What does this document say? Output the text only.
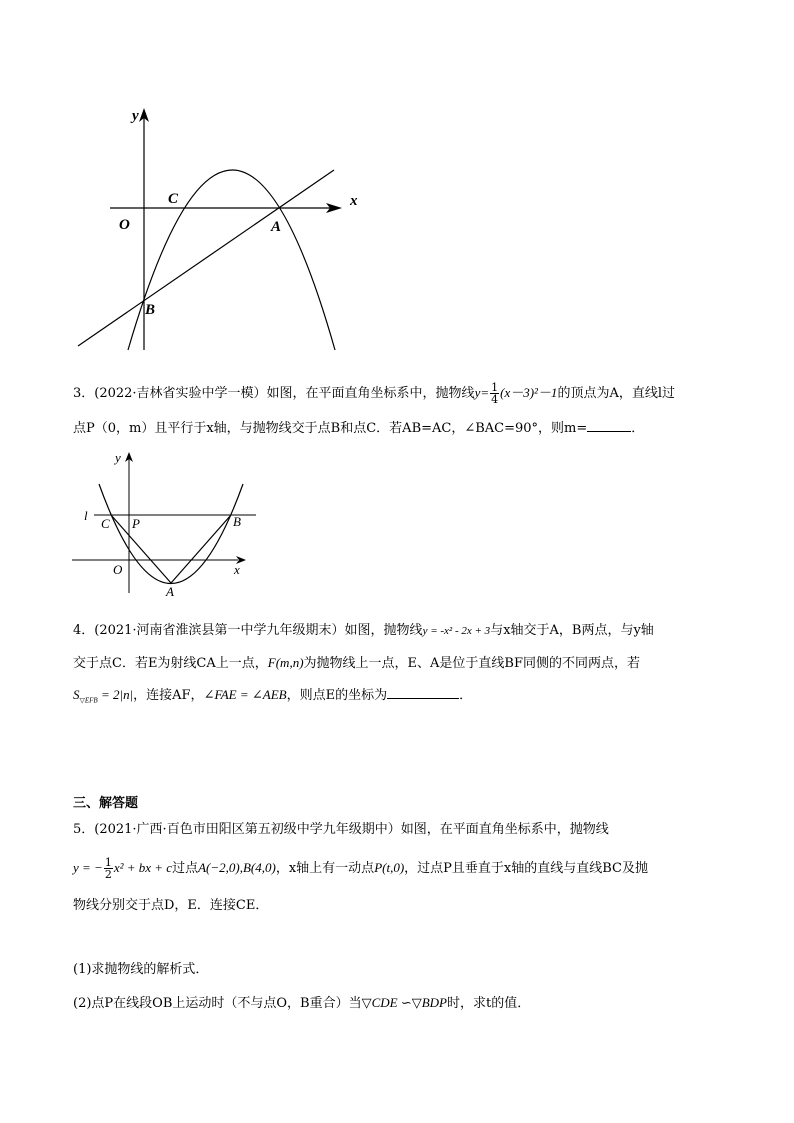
y
x
O
C
A
B
3．(2022·吉林省实验中学一模）如图，在平面直角坐标系中，抛物线$y= \frac{1}{4} (x-3)^2-1$的顶点为A，直线l过
点P（0，m）且平行于x轴，与抛物线交于点B和点C．若AB=AC，∠BAC=90°，则m=	．
y
x
l
C P	B
O
A
4．(2021·河南省淮滨县第一中学九年级期末）如图，抛物线y = -x² - 2x + 3与x轴交于A，B两点，与y轴
交于点C．若E为射线CA上一点，F(m,n)为抛物线上一点，E、A是位于直线BF同侧的不同两点，若
$S_{▽EFB} = 2|n|$，连接AF，∠FAE = ∠AEB，则点E的坐标为	．
三、解答题
5．(2021·广西·百色市田阳区第五初级中学九年级期中）如图，在平面直角坐标系中，抛物线
y = − $\frac{1}{2} x^2$ + bx + c过点A(−2,0),B(4,0)，x轴上有一动点P(t,0)，过点P且垂直于x轴的直线与直线BC及抛
物线分别交于点D，E．连接CE．
(1)求抛物线的解析式．
(2)点P在线段OB上运动时（不与点O，B重合）当▽CDE ∽▽BDP时，求t的值．
